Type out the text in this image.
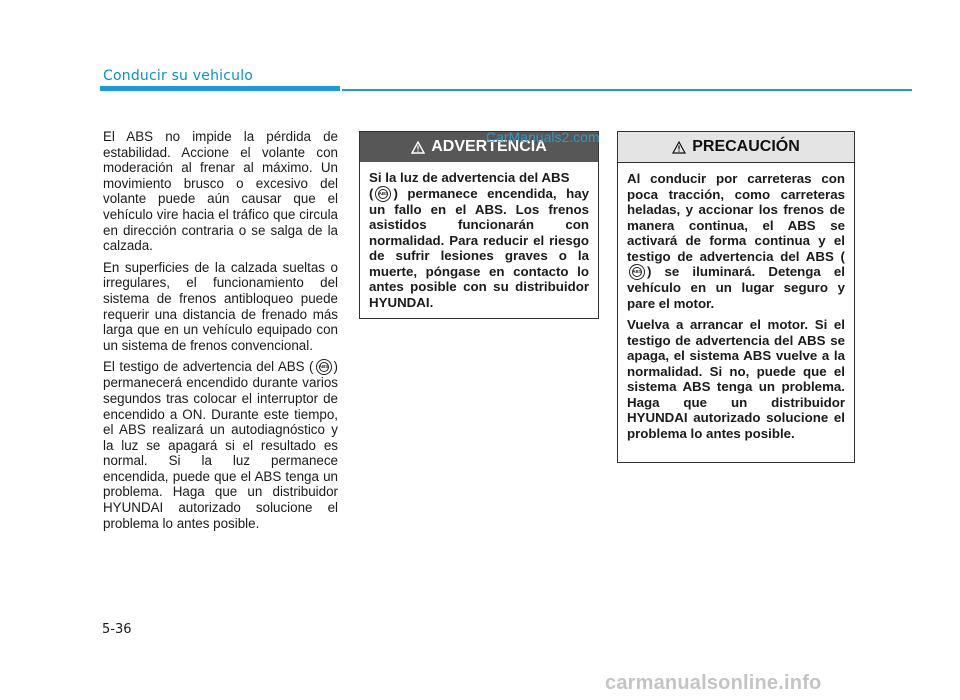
Conducir su vehiculo

El ABS no impide la pérdida de estabilidad. Accione el volante con moderación al frenar al máximo. Un movimiento brusco o excesivo del volante puede aún causar que el vehículo vire hacia el tráfico que circula en dirección contraria o se salga de la calzada.

En superficies de la calzada sueltas o irregulares, el funcionamiento del sistema de frenos antibloqueo puede requerir una distancia de frenado más larga que en un vehículo equipado con un sistema de frenos convencional.

El testigo de advertencia del ABS (	ABS ) permanecerá encendido durante varios segundos tras colocar el interruptor de encendido a ON. Durante este tiempo, el ABS realizará un autodiagnóstico y la luz se apagará si el resultado es normal. Si la luz permanece encendida, puede que el ABS tenga un problema. Haga que un distribuidor HYUNDAI autorizado solucione el problema lo antes posible.

ADVERTENCIA

Si la luz de advertencia del ABS
(	ABS ) permanece encendida, hay un fallo en el ABS. Los frenos asistidos funcionarán con normalidad. Para reducir el riesgo de sufrir lesiones graves o la muerte, póngase en contacto lo antes posible con su distribuidor HYUNDAI.

PRECAUCIÓN

Al conducir por carreteras con poca tracción, como carreteras heladas, y accionar los frenos de manera continua, el ABS se activará de forma continua y el testigo de advertencia del ABS (
ABS ) se iluminará. Detenga el vehículo en un lugar seguro y pare el motor.

Vuelva a arrancar el motor. Si el testigo de advertencia del ABS se apaga, el sistema ABS vuelve a la normalidad. Si no, puede que el sistema ABS tenga un problema. Haga que un distribuidor HYUNDAI autorizado solucione el problema lo antes posible.

CarManuals2.com
5-36
carmanualsonline.info
